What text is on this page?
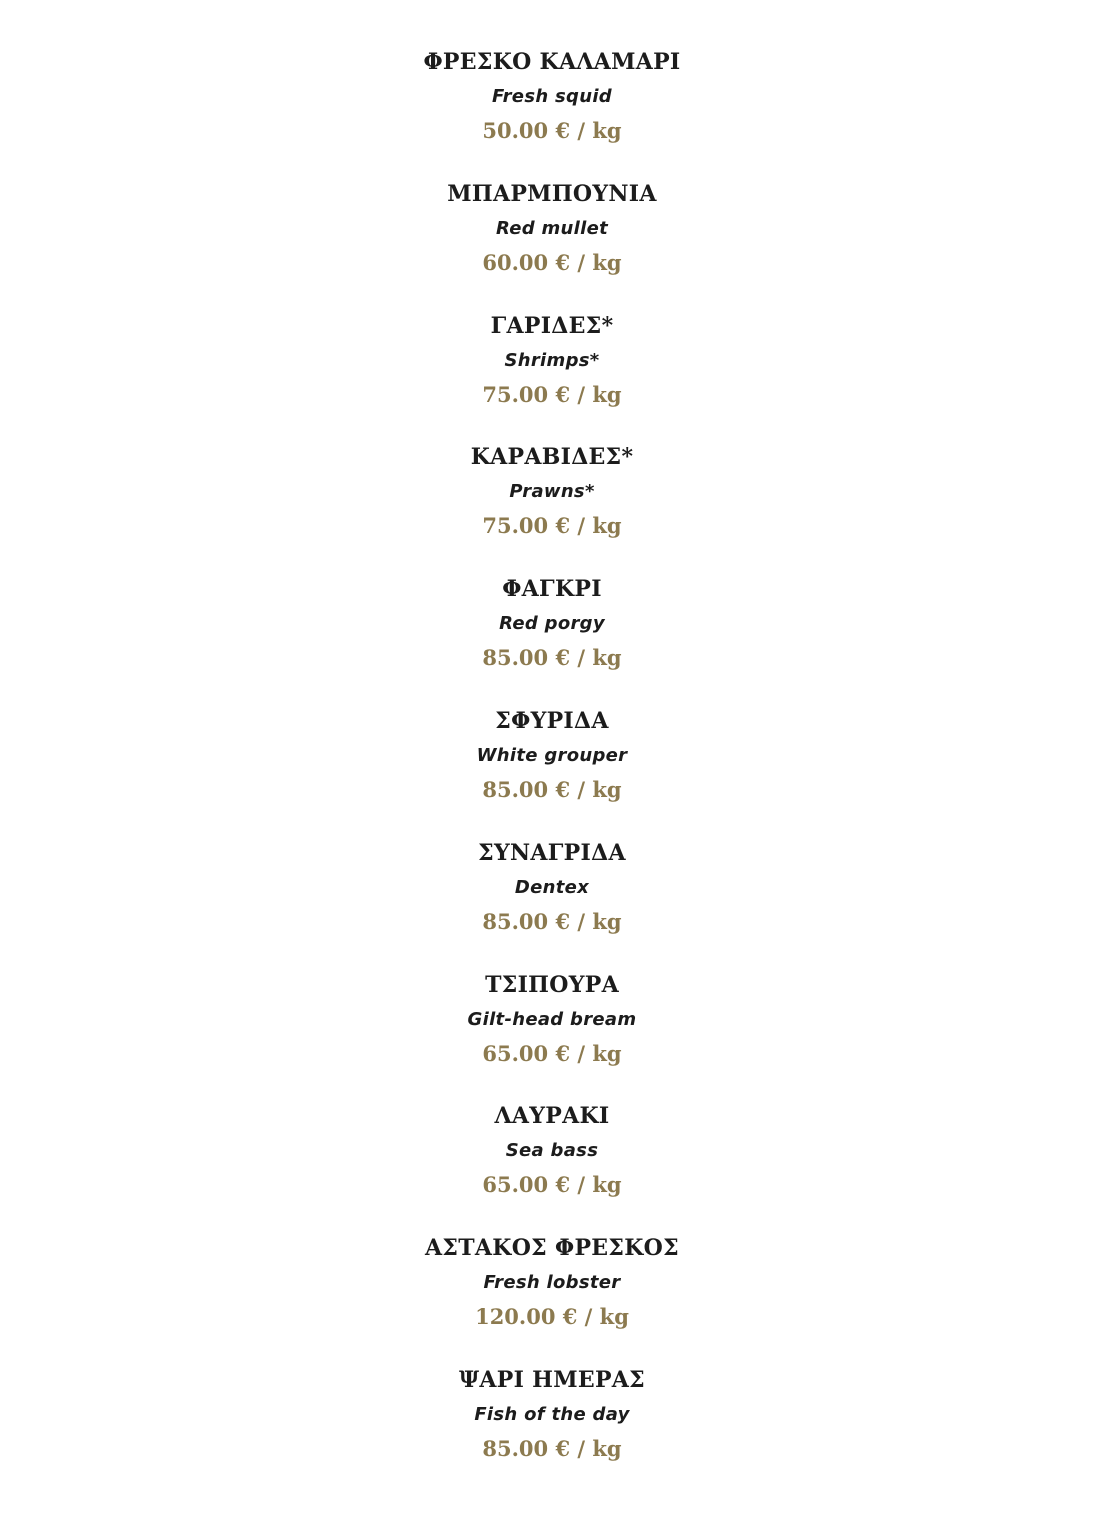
ΦΡΕΣΚΟ ΚΑΛΑΜΑΡΙ
Fresh squid
50.00 € / kg
ΜΠΑΡΜΠΟΥΝΙΑ
Red mullet
60.00 € / kg
ΓΑΡΙΔΕΣ*
Shrimps*
75.00 € / kg
ΚΑΡΑΒΙΔΕΣ*
Prawns*
75.00 € / kg
ΦΑΓΚΡΙ
Red porgy
85.00 € / kg
ΣΦΥΡΙΔΑ
White grouper
85.00 € / kg
ΣΥΝΑΓΡΙΔΑ
Dentex
85.00 € / kg
ΤΣΙΠΟΥΡΑ
Gilt-head bream
65.00 € / kg
ΛΑΥΡΑΚΙ
Sea bass
65.00 € / kg
ΑΣΤΑΚΟΣ ΦΡΕΣΚΟΣ
Fresh lobster
120.00 € / kg
ΨΑΡΙ ΗΜΕΡΑΣ
Fish of the day
85.00 € / kg
